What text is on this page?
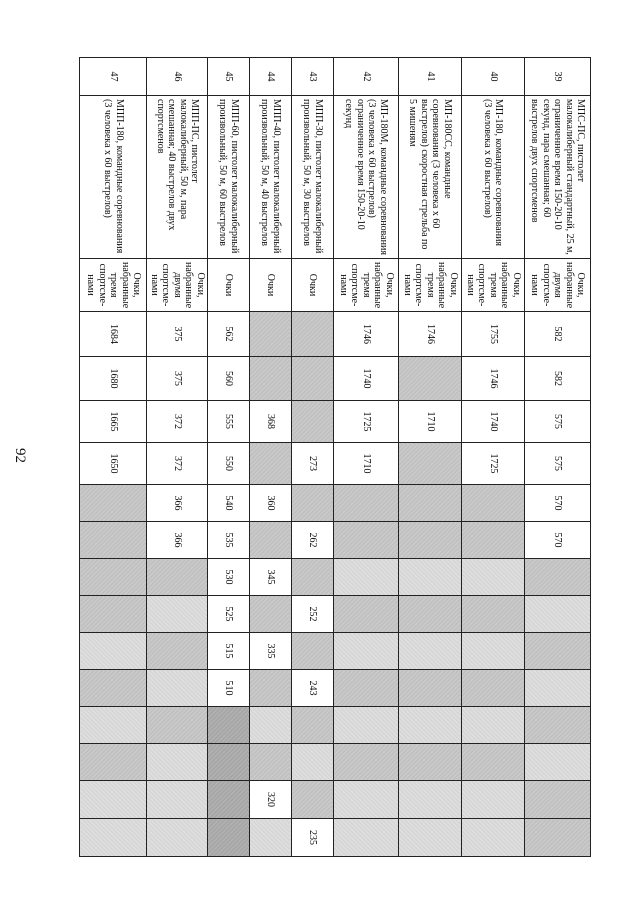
92
39	МПС-ПС, пистолет малокалиберный стандартный, 25 м, ограниченное время 150-20-10 секунд, пара смешанная; 60 выстрелов двух спортсменов	Очки, набранные двумя спортсме-нами	582	582	575	575	570	570								
40	МП-180, командные соревнования (3 человека х 60 выстрелов)	Очки, набранные тремя спортсме-нами	1755	1746	1740	1725										
41	МП-180СС, командные соревнования (3 человека х 60 выстрелов) скоростная стрельба по 5 мишеням	Очки, набранные тремя спортсме-нами	1746		1710											
42	МП-180М, командные соревнования (3 человека х 60 выстрелов) ограниченное время 150-20-10 секунд	Очки, набранные тремя спортсме-нами	1746	1740	1725	1710										
43	МПП-30, пистолет малокалиберный произвольный, 50 м, 30 выстрелов	Очки				273		262		252		243				235
44	МПП-40, пистолет малокалиберный произвольный, 50 м, 40 выстрелов	Очки			368		360		345		335				320	
45	МПП-60, пистолет малокалиберный произвольный, 50 м, 60 выстрелов	Очки	562	560	555	550	540	535	530	525	515	510				
46	МПП-ПС, пистолет малокалиберный, 50 м, пара смешанная; 40 выстрелов двух спортсменов	Очки, набранные двумя спортсме-нами	375	375	372	372	366	366								
47	МПП-180, командные соревнования (3 человека х 60 выстрелов)	Очки, набранные тремя спортсме-нами	1684	1680	1665	1650										
